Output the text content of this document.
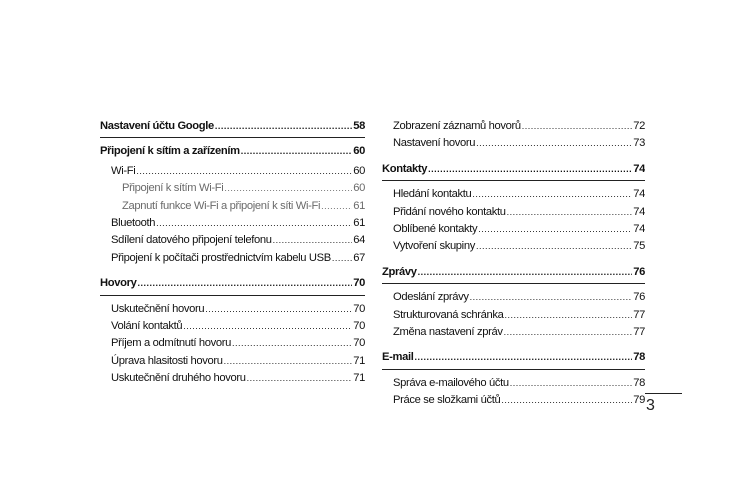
Nastavení účtu Google .....	58
Připojení k sítím a zařízením .....	60
Wi-Fi .....	60
Připojení k sítím Wi-Fi .....	60
Zapnutí funkce Wi-Fi a připojení k síti Wi-Fi .....	61
Bluetooth .....	61
Sdílení datového připojení telefonu .....	64
Připojení k počítači prostřednictvím kabelu USB ..... 67
Hovory .....	70
Uskutečnění hovoru .....	70
Volání kontaktů .....	70
Příjem a odmítnutí hovoru .....	70
Úprava hlasitosti hovoru .....	71
Uskutečnění druhého hovoru .....	71
Zobrazení záznamů hovorů .....	72
Nastavení hovoru .....	73
Kontakty .....	74
Hledání kontaktu .....	74
Přidání nového kontaktu .....	74
Oblíbené kontakty .....	74
Vytvoření skupiny .....	75
Zprávy .....	76
Odeslání zprávy .....	76
Strukturovaná schránka .....	77
Změna nastavení zpráv .....	77
E-mail .....	78
Správa e-mailového účtu .....	78
Práce se složkami účtů .....	79 3
